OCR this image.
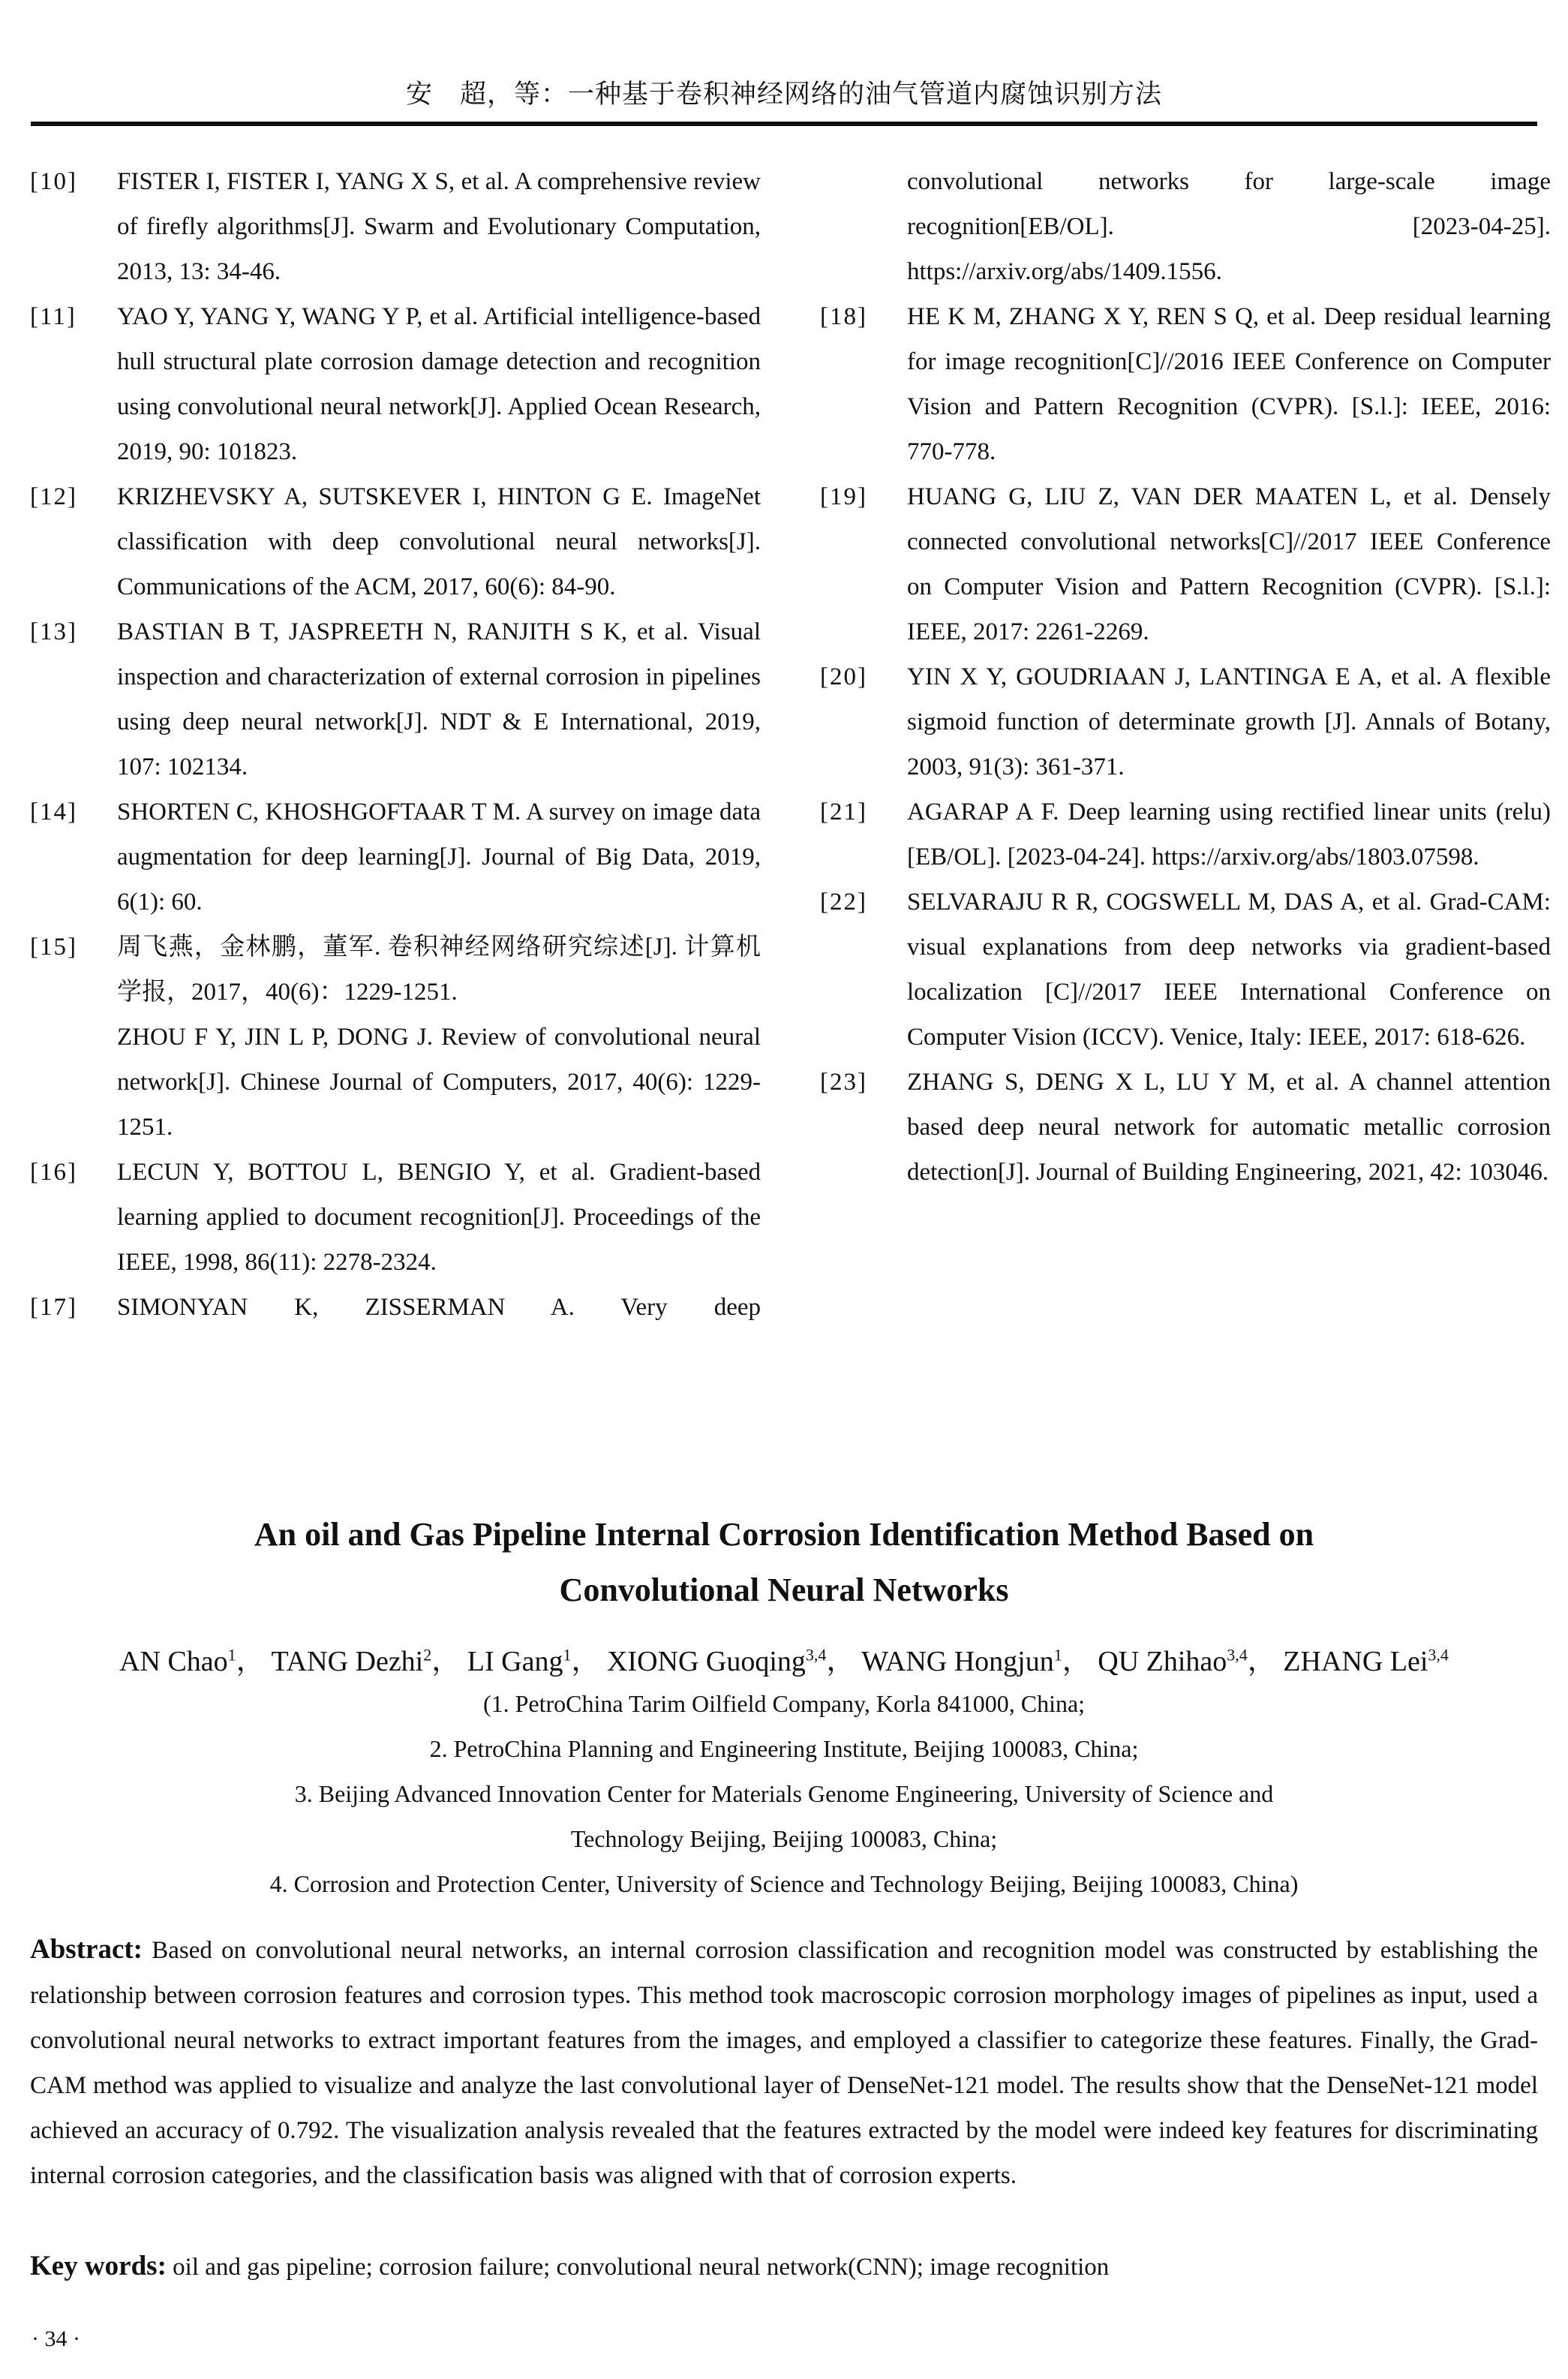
安　超，等：一种基于卷积神经网络的油气管道内腐蚀识别方法
[10] FISTER I, FISTER I, YANG X S, et al. A comprehensive review of firefly algorithms[J]. Swarm and Evolutionary Computation, 2013, 13: 34-46.
[11] YAO Y, YANG Y, WANG Y P, et al. Artificial intelligence-based hull structural plate corrosion damage detection and recognition using convolutional neural network[J]. Applied Ocean Research, 2019, 90: 101823.
[12] KRIZHEVSKY A, SUTSKEVER I, HINTON G E. ImageNet classification with deep convolutional neural networks[J]. Communications of the ACM, 2017, 60(6): 84-90.
[13] BASTIAN B T, JASPREETH N, RANJITH S K, et al. Visual inspection and characterization of external corrosion in pipelines using deep neural network[J]. NDT & E International, 2019, 107: 102134.
[14] SHORTEN C, KHOSHGOFTAAR T M. A survey on image data augmentation for deep learning[J]. Journal of Big Data, 2019, 6(1): 60.
[15] 周飞燕，金林鹏，董军. 卷积神经网络研究综述[J]. 计算机学报，2017，40(6)：1229-1251.
ZHOU F Y, JIN L P, DONG J. Review of convolutional neural network[J]. Chinese Journal of Computers, 2017, 40(6): 1229-1251.
[16] LECUN Y, BOTTOU L, BENGIO Y, et al. Gradient-based learning applied to document recognition[J]. Proceedings of the IEEE, 1998, 86(11): 2278-2324.
[17] SIMONYAN K, ZISSERMAN A. Very deep
convolutional networks for large-scale image recognition[EB/OL]. [2023-04-25]. https://arxiv.org/abs/1409.1556.
[18] HE K M, ZHANG X Y, REN S Q, et al. Deep residual learning for image recognition[C]//2016 IEEE Conference on Computer Vision and Pattern Recognition (CVPR). [S.l.]: IEEE, 2016: 770-778.
[19] HUANG G, LIU Z, VAN DER MAATEN L, et al. Densely connected convolutional networks[C]//2017 IEEE Conference on Computer Vision and Pattern Recognition (CVPR). [S.l.]: IEEE, 2017: 2261-2269.
[20] YIN X Y, GOUDRIAAN J, LANTINGA E A, et al. A flexible sigmoid function of determinate growth [J]. Annals of Botany, 2003, 91(3): 361-371.
[21] AGARAP A F. Deep learning using rectified linear units (relu) [EB/OL]. [2023-04-24]. https://arxiv.org/abs/1803.07598.
[22] SELVARAJU R R, COGSWELL M, DAS A, et al. Grad-CAM: visual explanations from deep networks via gradient-based localization [C]//2017 IEEE International Conference on Computer Vision (ICCV). Venice, Italy: IEEE, 2017: 618-626.
[23] ZHANG S, DENG X L, LU Y M, et al. A channel attention based deep neural network for automatic metallic corrosion detection[J]. Journal of Building Engineering, 2021, 42: 103046.
An oil and Gas Pipeline Internal Corrosion Identification Method Based on
Convolutional Neural Networks
AN Chao$^1$， TANG Dezhi$^2$， LI Gang$^1$， XIONG Guoqing$^{3,4}$， WANG Hongjun$^1$， QU Zhihao$^{3,4}$， ZHANG Lei$^{3,4}$
(1. PetroChina Tarim Oilfield Company, Korla 841000, China;
2. PetroChina Planning and Engineering Institute, Beijing 100083, China;
3. Beijing Advanced Innovation Center for Materials Genome Engineering, University of Science and
Technology Beijing, Beijing 100083, China;
4. Corrosion and Protection Center, University of Science and Technology Beijing, Beijing 100083, China)
Abstract: Based on convolutional neural networks, an internal corrosion classification and recognition model was constructed by establishing the relationship between corrosion features and corrosion types. This method took macroscopic corrosion morphology images of pipelines as input, used a convolutional neural networks to extract important features from the images, and employed a classifier to categorize these features. Finally, the Grad-CAM method was applied to visualize and analyze the last convolutional layer of DenseNet-121 model. The results show that the DenseNet-121 model achieved an accuracy of 0.792. The visualization analysis revealed that the features extracted by the model were indeed key features for discriminating internal corrosion categories, and the classification basis was aligned with that of corrosion experts.
Key words: oil and gas pipeline; corrosion failure; convolutional neural network(CNN); image recognition
· 34 ·
